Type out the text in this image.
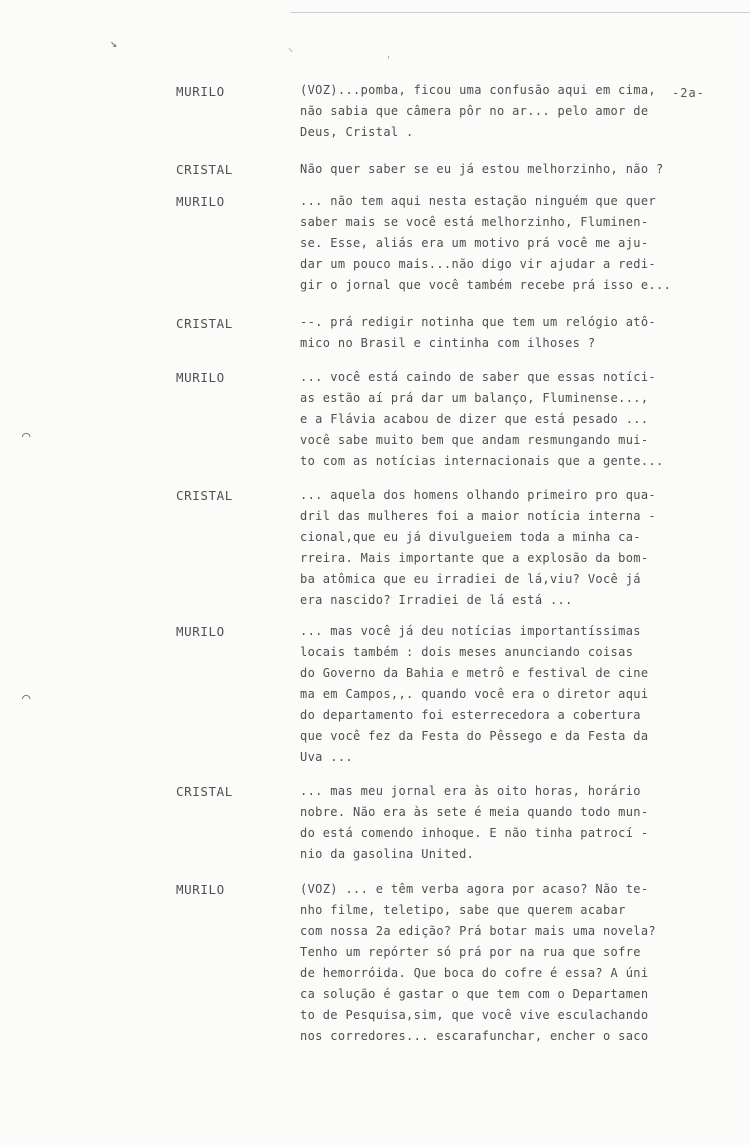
↘	⸜
ˈ
⌒
⌒
-2a-
MURILO	(VOZ)...pomba, ficou uma confusão aqui em cima,
não sabia que câmera pôr no ar... pelo amor de
Deus, Cristal .
CRISTAL	Não quer saber se eu já estou melhorzinho, não ?
MURILO	... não tem aqui nesta estação ninguém que quer
saber mais se você está melhorzinho, Fluminen-
se. Esse, aliás era um motivo prá você me aju-
dar um pouco mais...não digo vir ajudar a redi-
gir o jornal que você também recebe prá isso e...
CRISTAL	--. prá redigir notinha que tem um relógio atô-
mico no Brasil e cintinha com ilhoses ?
MURILO	... você está caindo de saber que essas notíci-
as estão aí prá dar um balanço, Fluminense...,
e a Flávia acabou de dizer que está pesado ...
você sabe muito bem que andam resmungando mui-
to com as notícias internacionais que a gente...
CRISTAL	... aquela dos homens olhando primeiro pro qua-
dril das mulheres foi a maior notícia interna -
cional,que eu já divulgueiem toda a minha ca-
rreira. Mais importante que a explosão da bom-
ba atômica que eu irradiei de lá,viu? Você já
era nascido? Irradiei de lá está ...
MURILO	... mas você já deu notícias importantíssimas
locais também : dois meses anunciando coisas
do Governo da Bahia e metrô e festival de cine
ma em Campos,,. quando você era o diretor aqui
do departamento foi esterrecedora a cobertura
que você fez da Festa do Pêssego e da Festa da
Uva ...
CRISTAL	... mas meu jornal era às oito horas, horário
nobre. Não era às sete é meia quando todo mun-
do está comendo inhoque. E não tinha patrocí -
nio da gasolina United.
MURILO	(VOZ) ... e têm verba agora por acaso? Não te-
nho filme, teletipo, sabe que querem acabar
com nossa 2a edição? Prá botar mais uma novela?
Tenho um repórter só prá por na rua que sofre
de hemorróida. Que boca do cofre é essa? A úni
ca solução é gastar o que tem com o Departamen
to de Pesquisa,sim, que você vive esculachando
nos corredores... escarafunchar, encher o saco
